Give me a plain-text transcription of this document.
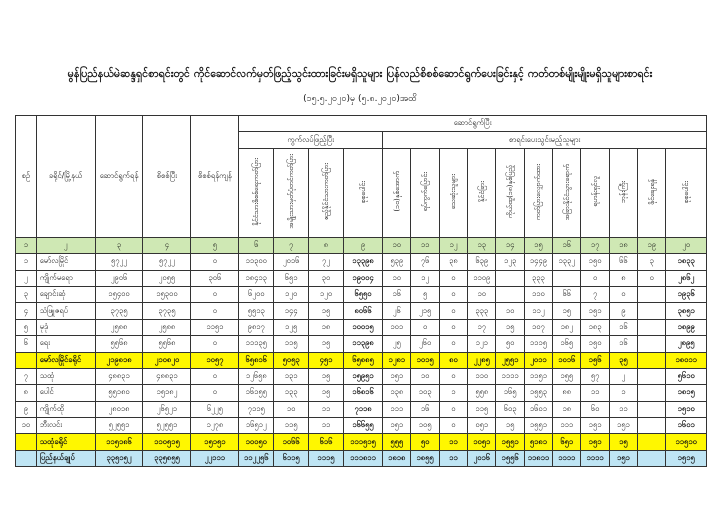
မွန်ပြည်နယ်မဲဆန္ဒရှင်စာရင်းတွင် ကိုင်ဆောင်လက်မှတ်ဖြည့်သွင်းထားခြင်းမရှိသူများ ပြန်လည်စိစစ်ဆောင်ရွက်ပေးခြင်းနှင့် ကတ်တစ်မျိုးမျိုးမရှိသူများစာရင်း
(၁၅.၅.၂၀၂၀)မှ (၅.၈.၂၀၂၀)အထိ
စဉ်	ခရိုင်/မြို့နယ်	ဆောင်ရွက်ရန်	စိစစ်ပြီး	စိစစ်ရန်ကျန်	ဆောင်ရွက်ပြီး														
					ကွက်လပ်ဖြည့်ပြီး				စာရင်းပေးသွင်းမည့်သူများ										
					နိုင်ငံသားစိစစ်ရေးကတ်ပြား	အမျိုးသားမှတ်ပုံတင်ကတ်ပြား	ဧည့်နိုင်ငံသားကတ်ပြား	စုစုပေါင်း	(၁၀)နှစ်အောက်	ရပ်ကွက်ပြောင်း	သေဆုံးသူများ	နိုင်ငံခြား	ကိုယ်ထူ(၁၈)နှစ်ပြည့်	ကတ်ပြားလျှောက်ထား	အခြားနိုင်ငံသွားရောက်	ရဟန်းရှင်လူ	ဘုန်းကြီး	ဖိုင်ချေးရန်	စုစုပေါင်း
၁	၂	၃	၄	၅	၆	၇	၈	၉	၁၀	၁၁	၁၂	၁၃	၁၄	၁၅	၁၆	၁၇	၁၈	၁၉	၂၀
၁	မော်လမြိုင်	၅၇၂၂	၅၇၂၂	၀	၁၁၃၀၀	၂၀၁၆	၇၂	၁၃၃၉၈	၅၃၉	၇၆	၃၈	၆၃၉	၁၂၃	၁၄၄၉	၁၃၃၂	၁၅၀	၆၆	၃	၁၈၃၃
၂	ကျိုက်မရော	၂၉၀၆	၂၀၅၅	၃၀၆	၁၈၄၁၃	၆၅၁	၃၀	၁၉၀၀၄	၁၀	၁၂	၀	၁၁၀၉		၃၃၃		၀	၈	၀	၂၈၆၂
၃	ချောင်းဆုံ	၁၅၄၀၀	၁၅၃၀၀	၀	၆၂၀၀	၁၂၀	၁၂၀	၆၅၅၀	၁၆	၅	၀	၁၀		၁၁၀	၆၆	၇	၀		၁၉၃၆
၄	သံဖြူဇရပ်	၃၇၃၅	၃၇၃၅	၀	၅၅၁၃	၁၄၄	၁၅	၈၀၆၆	၂၆	၂၁၅	၀	၃၃၃	၁၀	၁၁၂	၁၅	၁၅၁	၉		၃၈၅၁
၅	မုဒုံ	၂၅၈၈	၂၅၈၈	၁၁၅၁	၉၈၁၇	၁၂၅	၁၈	၁၀၀၁၅	၁၀၁	၀	၀	၁၇	၁၅	၁၀၇	၁၈၂	၁၈၃	၁၆		၁၈၉၉
၆	ရေး	၅၅၆၈	၅၅၆၈	၀	၁၁၁၃၅	၁၁၅	၁၅	၁၁၃၉၈	၂၅	၂၆၀	၀	၁၂၁	၅၀	၁၁၁၅	၁၆၅	၁၅၀	၁၆		၂၈၉၅
	မော်လမြိုင်ခရိုင်	၂၁၉၈၁၈	၂၁၀၈၂၀	၁၀၅၇	၆၅၈၁၆	၅၀၅၃	၄၅၁	၆၅၈၈၅	၁၂၈၁	၁၀၁၅	၈၀	၂၂၈၅	၂၅၅၁	၂၀၁၁	၁၀၁၆	၁၅၆	၃၅		၁၈၀၁၁
၇	သထုံ	၄၈၈၃၁	၄၈၈၃၁	၀	၁၂၆၅၈	၁၃၁	၁၅	၁၅၉၅၁	၁၅၁	၁၀	၀	၁၁၀	၁၁၁၁	၁၁၅၁	၁၅၅	၅၇	၂		၅၆၁၀
၈	ပေါင်	၅၅၁၈၀	၁၅၁၈၂	၀	၁၆၁၅၅	၁၃၃	၁၅	၁၆၈၁၆	၁၃၈	၁၀၃	၁	၅၅၈	၁၆၅	၁၅၅၃	၈၈	၁၁	၁		၁၈၁၅
၉	ကျိုက်ထို	၂၈၀၁၈	၂၆၅၂၁	၆၂၂၅	၇၁၁၅	၁၀	၁၁	၇၁၁၈	၁၁၁	၁၆	၀	၁၁၅	၆၀၃	၁၆၀၁	၁၈	၆၀	၁၁		၁၅၁၀
၁၀	ဘီးလင်း	၅၂၅၅၁	၅၂၅၅၁	၁၂၇၈	၁၆၅၁၂	၁၁၅	၁၁	၁၆၆၅၅	၁၅၁	၁၀၅	၀	၀၅၁	၁၅	၁၅၅၁	၁၁၁	၁၅၁	၁၅၁		၁၆၀၁
	သထုံခရိုင်	၁၁၅၁၈၆	၁၁၀၅၁၅	၁၅၁၅၁	၁၀၀၅၀	၁၀၆၆	၆၁၆	၁၁၁၅၁၅	၅၅၅	၅၀	၁၁	၁၀၅၁	၁၅၅၁	၅၁၈၁	၆၅၁	၁၅၁	၁၅		၁၁၅၁၀
	ပြည်နယ်ချုပ်	၃၃၅၁၅၂	၃၃၅၈၅၅	၂၂၁၁၁	၁၁၂၂၅၆	၆၁၁၅	၁၁၁၅	၁၁၁၈၁၁	၁၈၁၈	၁၈၅၅	၁၁	၂၀၁၆	၁၅၅၆	၁၁၈၁၁	၁၁၁၁	၁၁၁၁	၁၅၁		၁၅၁၅
